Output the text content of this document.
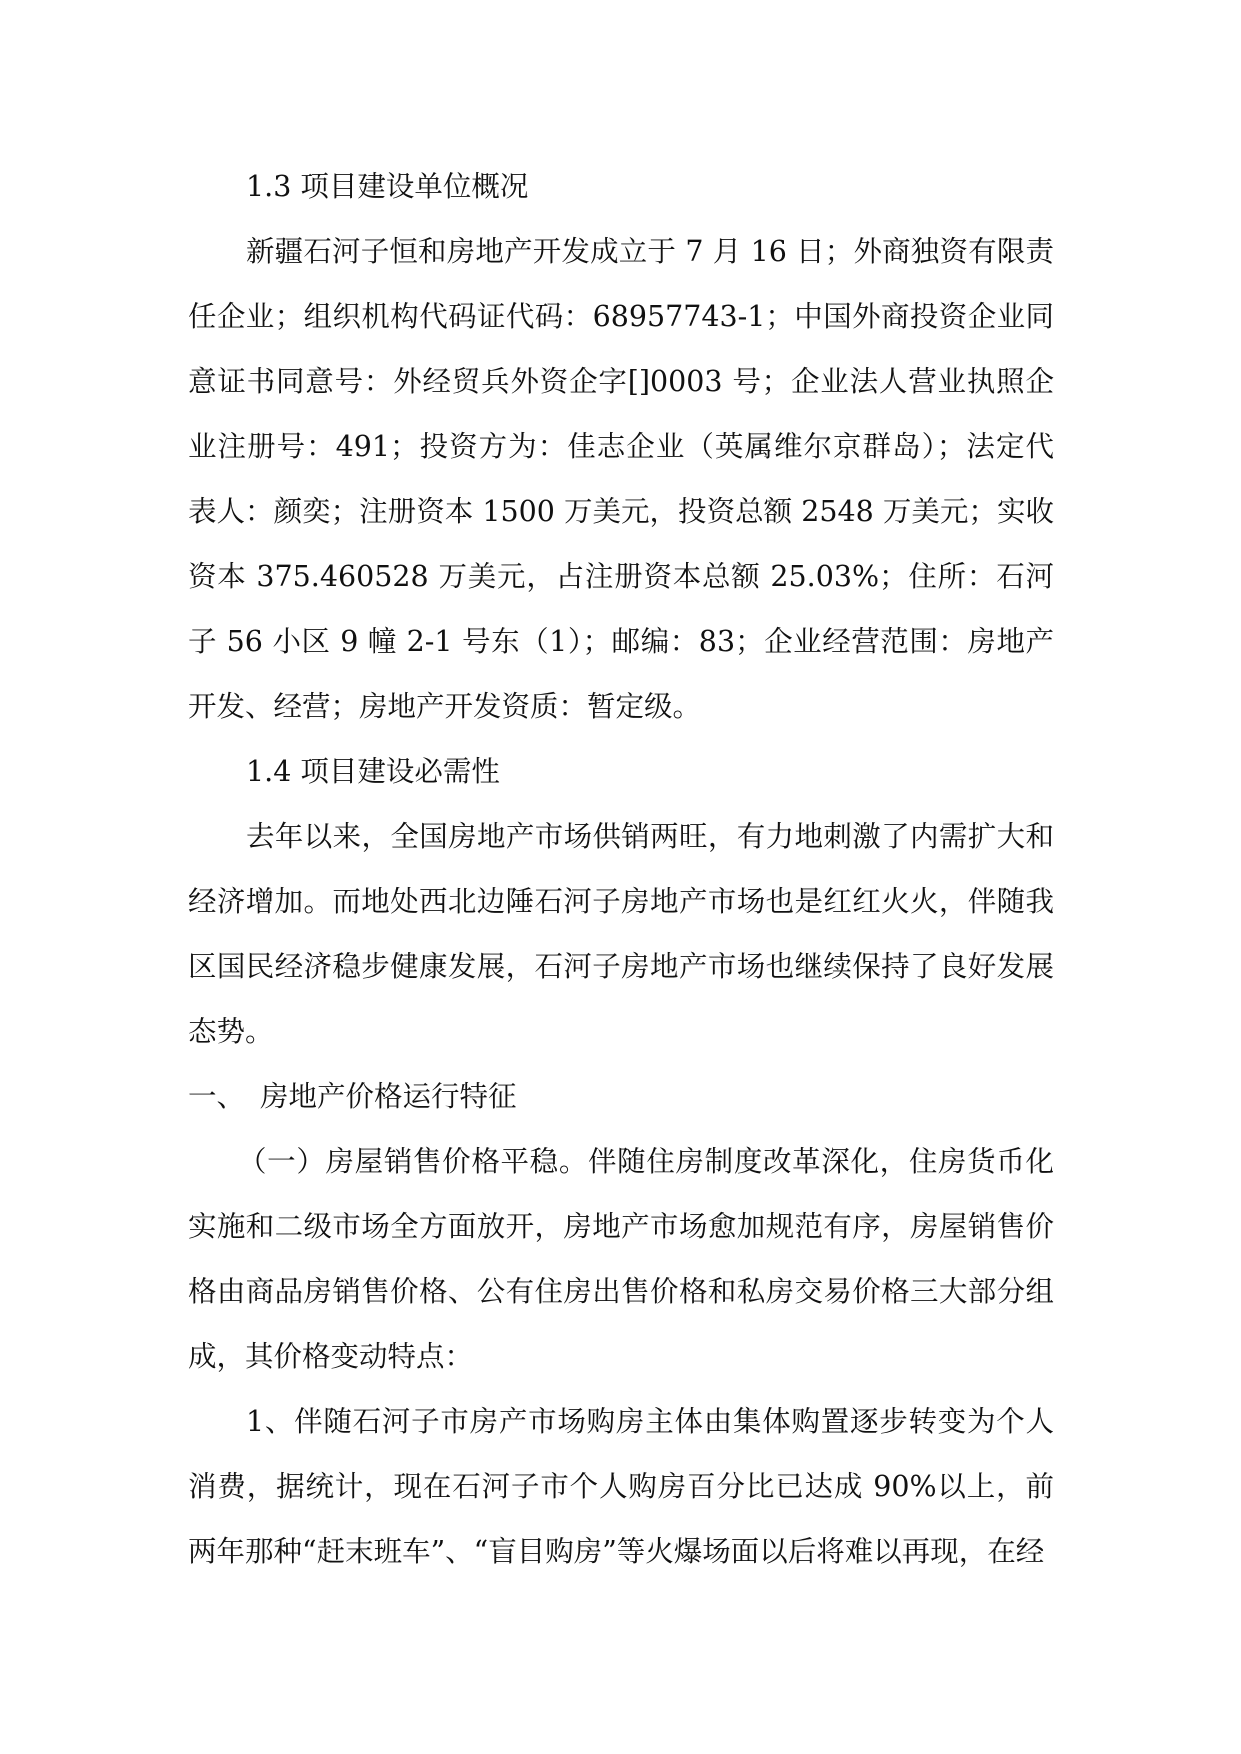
1.3 项目建设单位概况

新疆石河子恒和房地产开发成立于 7 月 16 日；外商独资有限责任企业；组织机构代码证代码：68957743-1；中国外商投资企业同意证书同意号：外经贸兵外资企字[]0003 号；企业法人营业执照企业注册号：491；投资方为：佳志企业（英属维尔京群岛）；法定代表人：颜奕；注册资本 1500 万美元，投资总额 2548 万美元；实收资本 375.460528 万美元，占注册资本总额 25.03%；住所：石河子 56 小区 9 幢 2-1 号东（1）；邮编：83；企业经营范围：房地产开发、经营；房地产开发资质：暂定级。

1.4 项目建设必需性

去年以来，全国房地产市场供销两旺，有力地刺激了内需扩大和经济增加。而地处西北边陲石河子房地产市场也是红红火火，伴随我区国民经济稳步健康发展，石河子房地产市场也继续保持了良好发展态势。

一、 房地产价格运行特征

（一）房屋销售价格平稳。伴随住房制度改革深化，住房货币化实施和二级市场全方面放开，房地产市场愈加规范有序，房屋销售价格由商品房销售价格、公有住房出售价格和私房交易价格三大部分组成，其价格变动特点：

1、伴随石河子市房产市场购房主体由集体购置逐步转变为个人消费，据统计，现在石河子市个人购房百分比已达成 90%以上，前两年那种“赶末班车”、“盲目购房”等火爆场面以后将难以再现，在经
